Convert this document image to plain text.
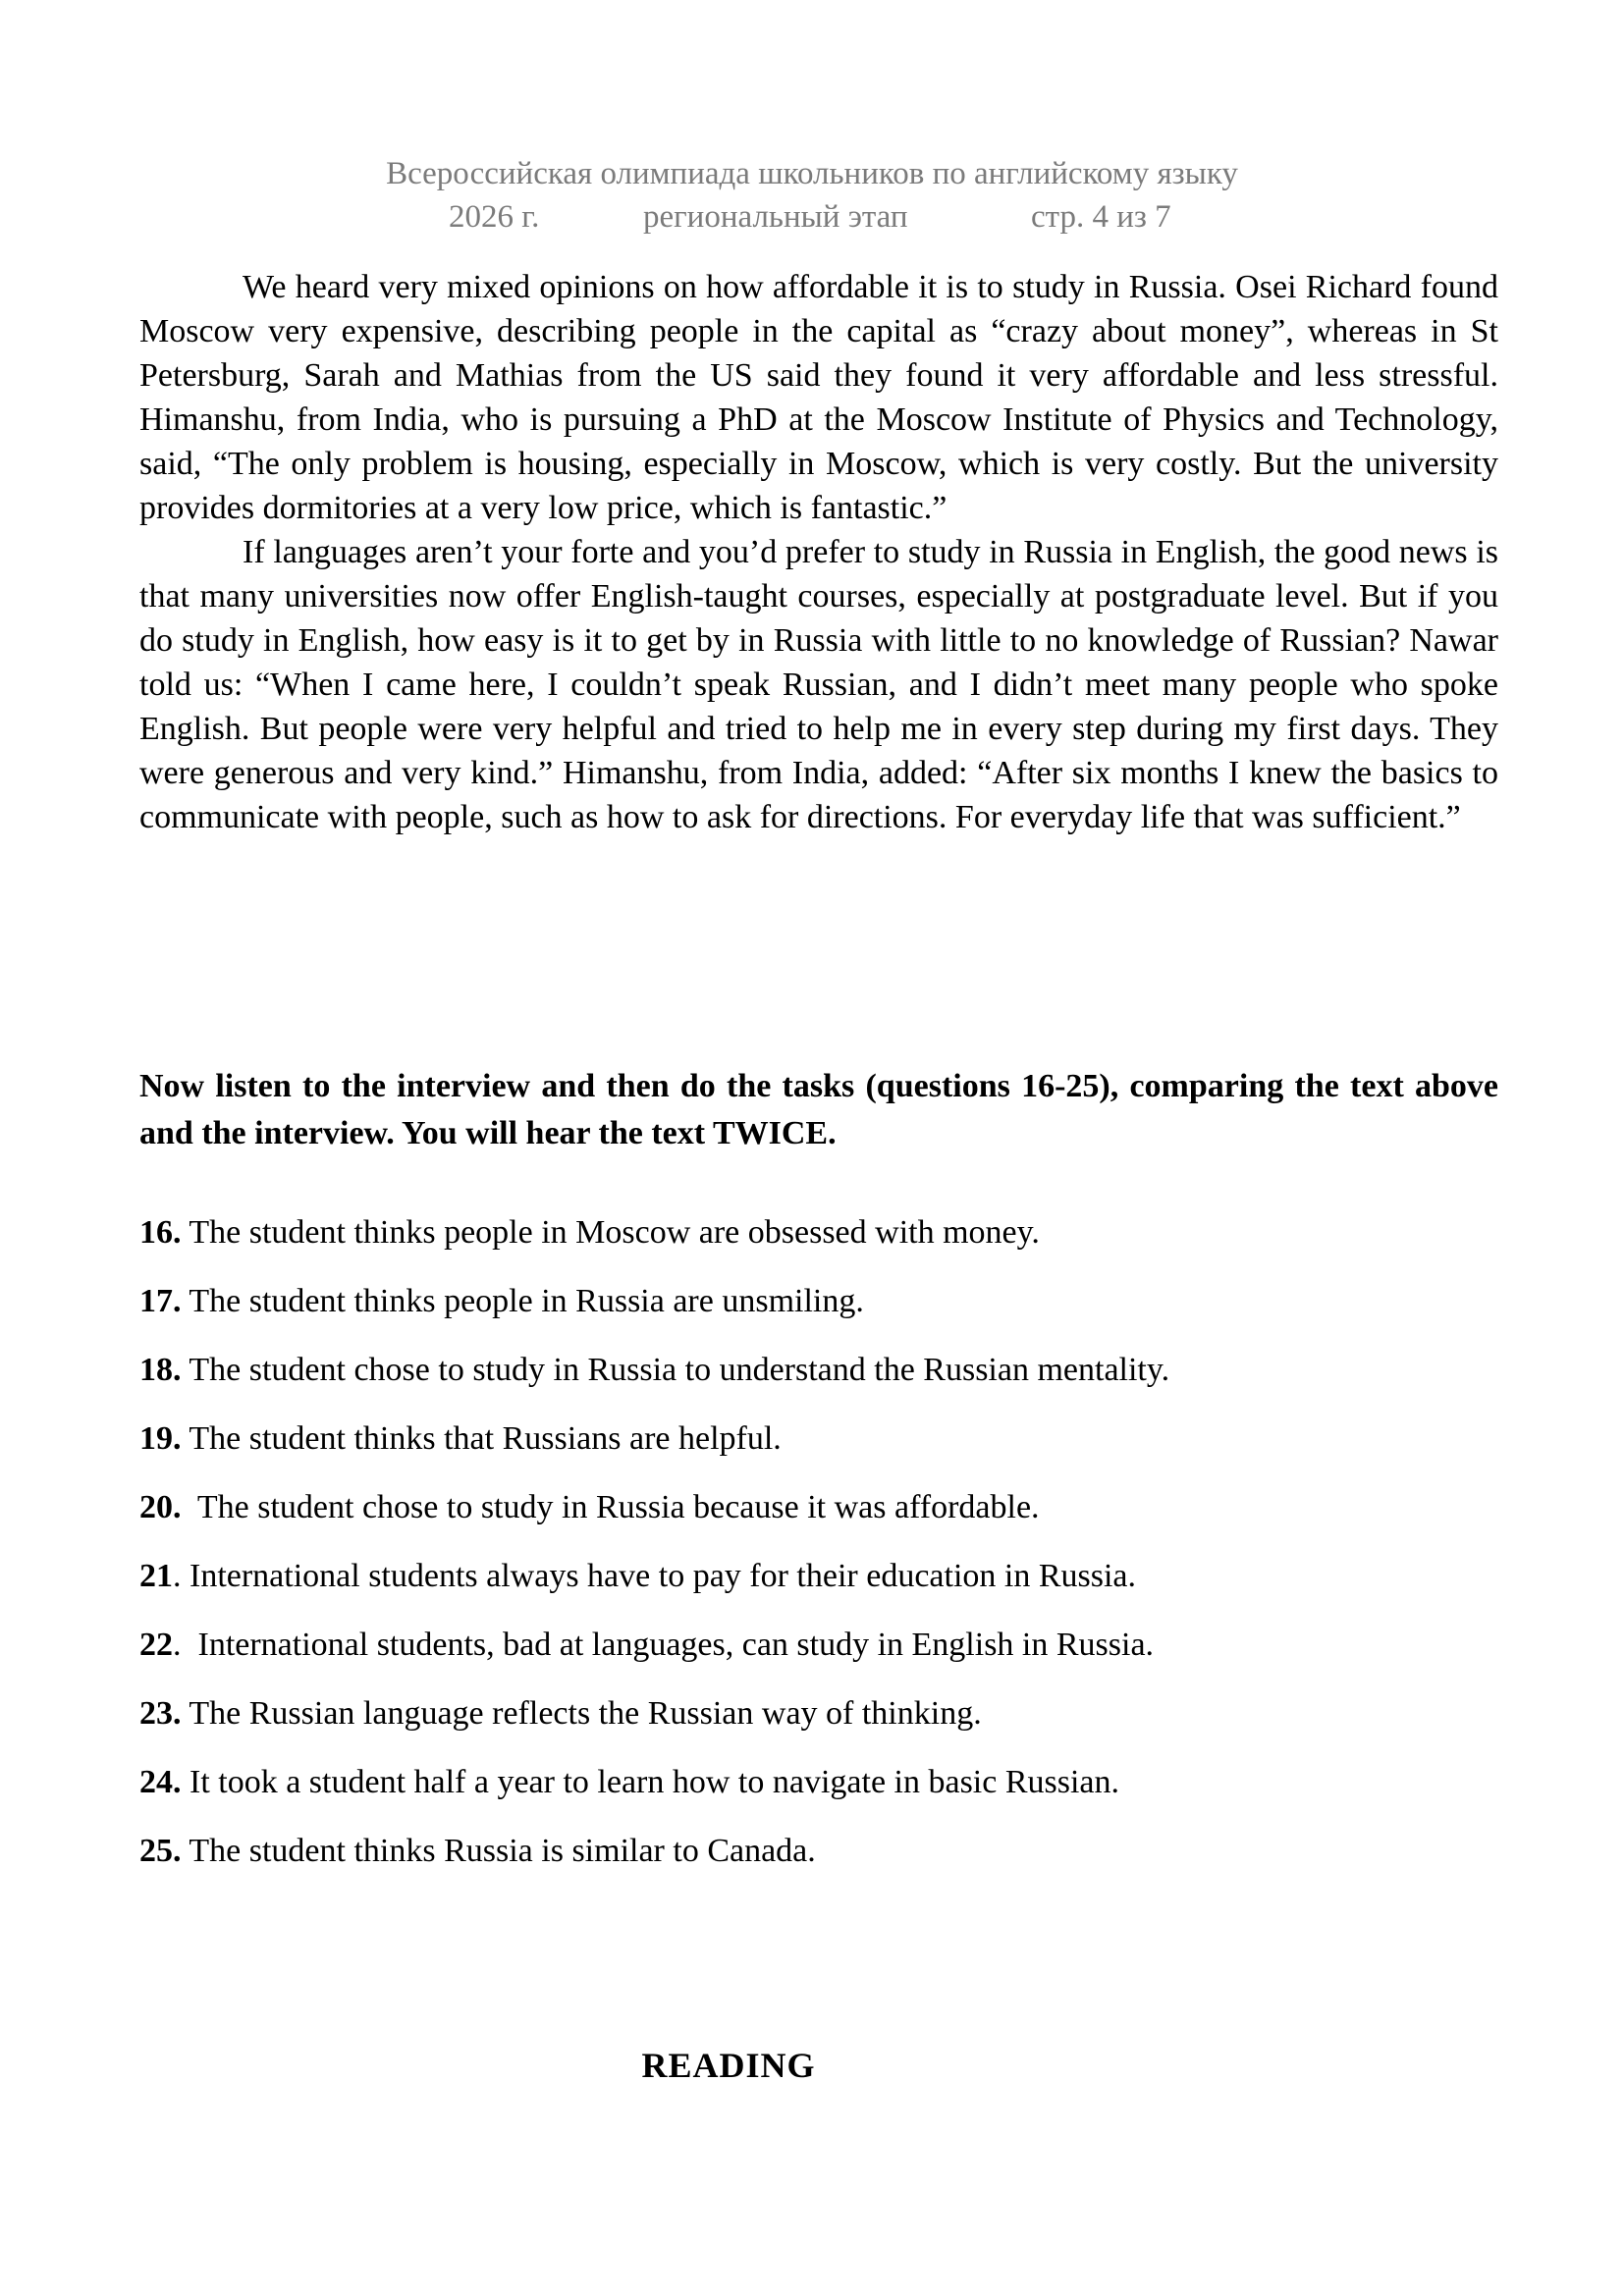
Всероссийская олимпиада школьников по английскому языку
2026 г.	региональный этап	стр. 4 из 7

We heard very mixed opinions on how affordable it is to study in Russia. Osei Richard found Moscow very expensive, describing people in the capital as “crazy about money”, whereas in St Petersburg, Sarah and Mathias from the US said they found it very affordable and less stressful. Himanshu, from India, who is pursuing a PhD at the Moscow Institute of Physics and Technology, said, “The only problem is housing, especially in Moscow, which is very costly. But the university provides dormitories at a very low price, which is fantastic.”

If languages aren’t your forte and you’d prefer to study in Russia in English, the good news is that many universities now offer English-taught courses, especially at postgraduate level. But if you do study in English, how easy is it to get by in Russia with little to no knowledge of Russian? Nawar told us: “When I came here, I couldn’t speak Russian, and I didn’t meet many people who spoke English. But people were very helpful and tried to help me in every step during my first days. They were generous and very kind.” Himanshu, from India, added: “After six months I knew the basics to communicate with people, such as how to ask for directions. For everyday life that was sufficient.”

Now listen to the interview and then do the tasks (questions 16-25), comparing the text above and the interview. You will hear the text TWICE.

16. The student thinks people in Moscow are obsessed with money.

17. The student thinks people in Russia are unsmiling.

18. The student chose to study in Russia to understand the Russian mentality.

19. The student thinks that Russians are helpful.

20.  The student chose to study in Russia because it was affordable.

21. International students always have to pay for their education in Russia.

22.  International students, bad at languages, can study in English in Russia.

23. The Russian language reflects the Russian way of thinking.

24. It took a student half a year to learn how to navigate in basic Russian.

25. The student thinks Russia is similar to Canada.

READING
